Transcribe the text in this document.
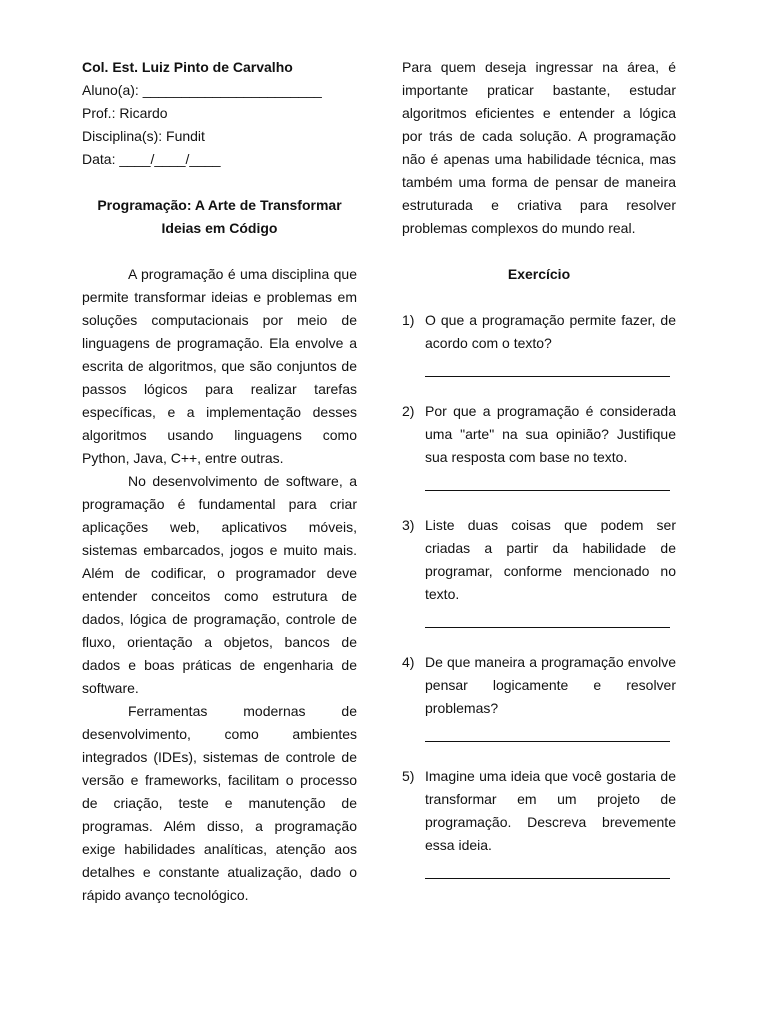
Col. Est. Luiz Pinto de Carvalho
Aluno(a): _______________________
Prof.: Ricardo
Disciplina(s): Fundit
Data: ____/____/____
Programação: A Arte de Transformar
Ideias em Código

A programação é uma disciplina que permite transformar ideias e problemas em soluções computacionais por meio de linguagens de programação. Ela envolve a escrita de algoritmos, que são conjuntos de passos lógicos para realizar tarefas específicas, e a implementação desses algoritmos usando linguagens como Python, Java, C++, entre outras.

No desenvolvimento de software, a programação é fundamental para criar aplicações web, aplicativos móveis, sistemas embarcados, jogos e muito mais. Além de codificar, o programador deve entender conceitos como estrutura de dados, lógica de programação, controle de fluxo, orientação a objetos, bancos de dados e boas práticas de engenharia de software.

Ferramentas modernas de desenvolvimento, como ambientes integrados (IDEs), sistemas de controle de versão e frameworks, facilitam o processo de criação, teste e manutenção de programas. Além disso, a programação exige habilidades analíticas, atenção aos detalhes e constante atualização, dado o rápido avanço tecnológico.

Para quem deseja ingressar na área, é importante praticar bastante, estudar algoritmos eficientes e entender a lógica por trás de cada solução. A programação não é apenas uma habilidade técnica, mas também uma forma de pensar de maneira estruturada e criativa para resolver problemas complexos do mundo real.

Exercício
1) O que a programação permite fazer, de acordo com o texto?
2) Por que a programação é considerada uma "arte" na sua opinião? Justifique sua resposta com base no texto.
3) Liste duas coisas que podem ser criadas a partir da habilidade de programar, conforme mencionado no texto.
4) De que maneira a programação envolve pensar logicamente e resolver problemas?
5) Imagine uma ideia que você gostaria de transformar em um projeto de programação. Descreva brevemente essa ideia.
